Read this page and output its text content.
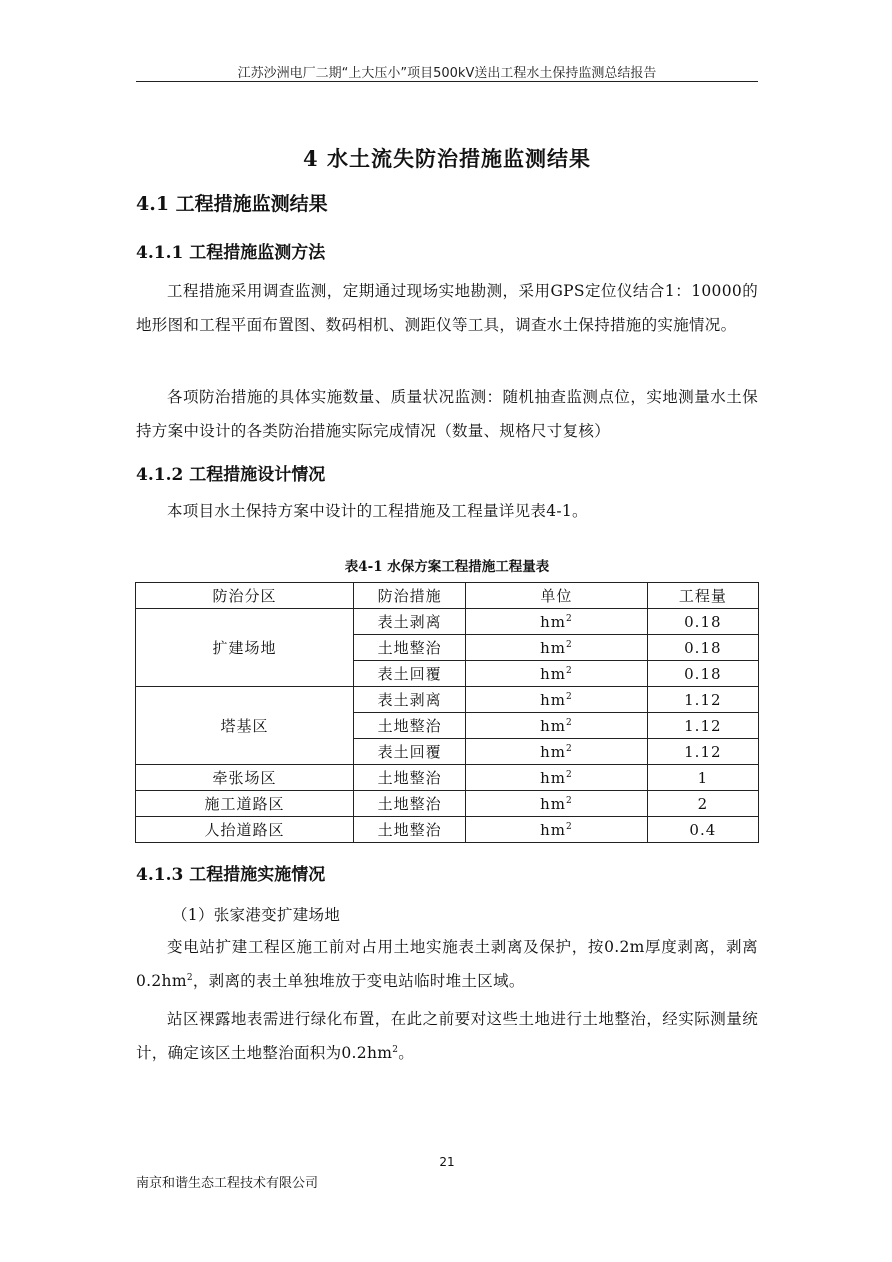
江苏沙洲电厂二期“上大压小”项目500kV送出工程水土保持监测总结报告
4 水土流失防治措施监测结果
4.1 工程措施监测结果
4.1.1 工程措施监测方法

工程措施采用调查监测，定期通过现场实地勘测，采用GPS定位仪结合1：10000的地形图和工程平面布置图、数码相机、测距仪等工具，调查水土保持措施的实施情况。

各项防治措施的具体实施数量、质量状况监测：随机抽查监测点位，实地测量水土保持方案中设计的各类防治措施实际完成情况（数量、规格尺寸复核）

4.1.2 工程措施设计情况

本项目水土保持方案中设计的工程措施及工程量详见表4-1。

表4-1 水保方案工程措施工程量表
防治分区	防治措施	单位	工程量
扩建场地	表土剥离	$hm^2$	0.18
	土地整治	$hm^2$	0.18
	表土回覆	$hm^2$	0.18
塔基区	表土剥离	$hm^2$	1.12
	土地整治	$hm^2$	1.12
	表土回覆	$hm^2$	1.12
牵张场区	土地整治	$hm^2$	1
施工道路区	土地整治	$hm^2$	2
人抬道路区	土地整治	$hm^2$	0.4
4.1.3 工程措施实施情况
（1）张家港变扩建场地

变电站扩建工程区施工前对占用土地实施表土剥离及保护，按0.2m厚度剥离，剥离$0.2hm^2$，剥离的表土单独堆放于变电站临时堆土区域。

站区裸露地表需进行绿化布置，在此之前要对这些土地进行土地整治，经实际测量统计，确定该区土地整治面积为$0.2hm^2$。

21
南京和谐生态工程技术有限公司
